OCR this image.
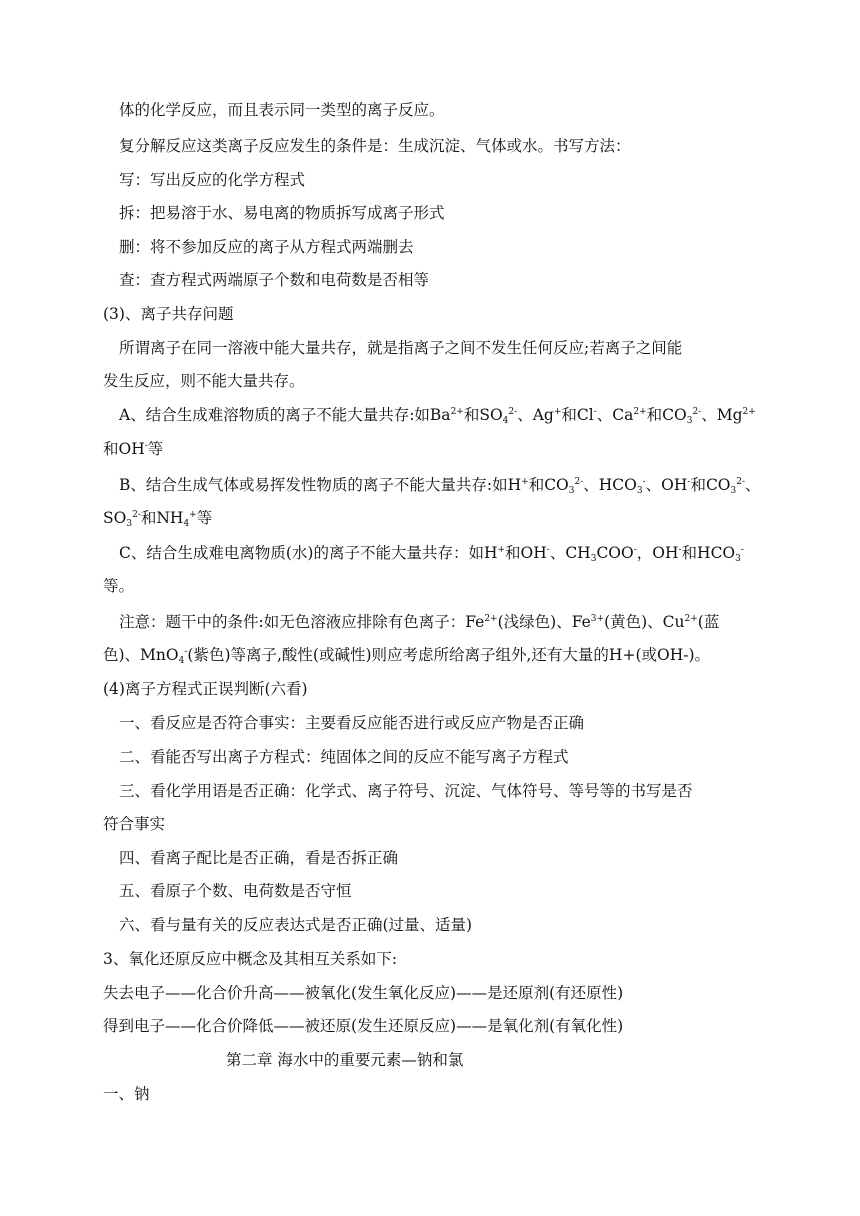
体的化学反应，而且表示同一类型的离子反应。
复分解反应这类离子反应发生的条件是：生成沉淀、气体或水。书写方法：
写：写出反应的化学方程式
拆：把易溶于水、易电离的物质拆写成离子形式
删：将不参加反应的离子从方程式两端删去
查：查方程式两端原子个数和电荷数是否相等
(3)、离子共存问题
所谓离子在同一溶液中能大量共存，就是指离子之间不发生任何反应;若离子之间能
发生反应，则不能大量共存。
A、结合生成难溶物质的离子不能大量共存:如$Ba^{2+}$和$SO_4^{2-}$、Ag+和Cl-、$Ca^{2+}$和$CO_3^{2-}$、$Mg^{2+}$
和OH-等
B、结合生成气体或易挥发性物质的离子不能大量共存:如H+和$CO_3^{2-}$、$HCO_3^-$、OH-和$CO_3^{2-}$、
$SO_3^{2-}$和$NH_4^+$等
C、结合生成难电离物质(水)的离子不能大量共存：如H+和OH-、$CH_3COO^-$，OH-和$HCO_3^-$
等。
注意：题干中的条件:如无色溶液应排除有色离子：$Fe^{2+}$(浅绿色)、$Fe^{3+}$(黄色)、$Cu^{2+}$(蓝
色)、MnO$_4$-(紫色)等离子,酸性(或碱性)则应考虑所给离子组外,还有大量的H+(或OH-)。
(4)离子方程式正误判断(六看)
一、看反应是否符合事实：主要看反应能否进行或反应产物是否正确
二、看能否写出离子方程式：纯固体之间的反应不能写离子方程式
三、看化学用语是否正确：化学式、离子符号、沉淀、气体符号、等号等的书写是否
符合事实
四、看离子配比是否正确，看是否拆正确
五、看原子个数、电荷数是否守恒
六、看与量有关的反应表达式是否正确(过量、适量)
3、氧化还原反应中概念及其相互关系如下:
失去电子——化合价升高——被氧化(发生氧化反应)——是还原剂(有还原性)
得到电子——化合价降低——被还原(发生还原反应)——是氧化剂(有氧化性)
第二章 海水中的重要元素—钠和氯
一、钠
